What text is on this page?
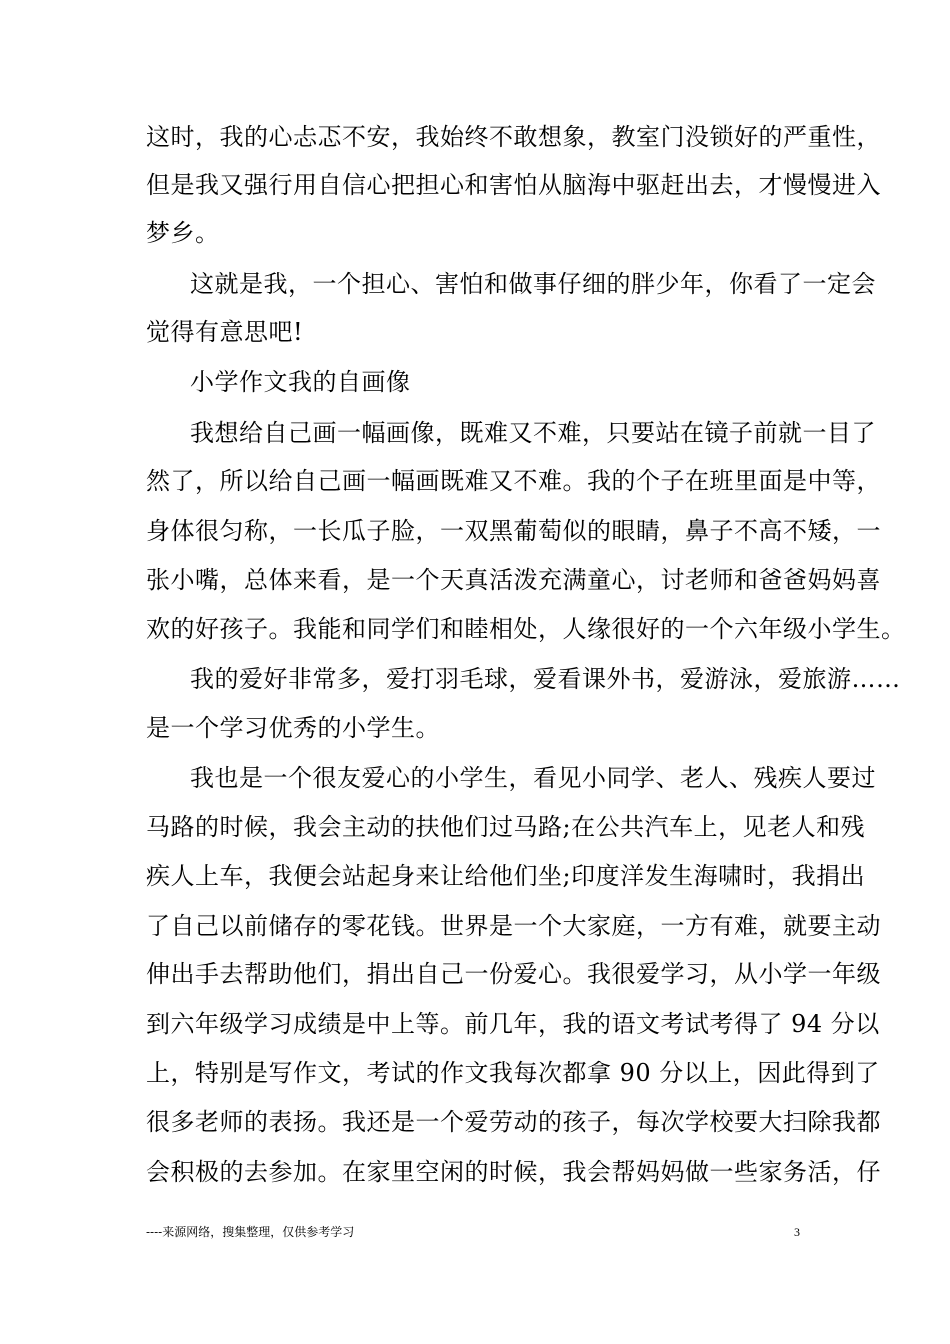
这时，我的心忐忑不安，我始终不敢想象，教室门没锁好的严重性，
但是我又强行用自信心把担心和害怕从脑海中驱赶出去，才慢慢进入
梦乡。
这就是我，一个担心、害怕和做事仔细的胖少年，你看了一定会
觉得有意思吧!
小学作文我的自画像
我想给自己画一幅画像，既难又不难，只要站在镜子前就一目了
然了，所以给自己画一幅画既难又不难。我的个子在班里面是中等，
身体很匀称，一长瓜子脸，一双黑葡萄似的眼睛，鼻子不高不矮，一
张小嘴，总体来看，是一个天真活泼充满童心，讨老师和爸爸妈妈喜
欢的好孩子。我能和同学们和睦相处，人缘很好的一个六年级小学生。
我的爱好非常多，爱打羽毛球，爱看课外书，爱游泳，爱旅游……
是一个学习优秀的小学生。
我也是一个很友爱心的小学生，看见小同学、老人、残疾人要过
马路的时候，我会主动的扶他们过马路;在公共汽车上，见老人和残
疾人上车，我便会站起身来让给他们坐;印度洋发生海啸时，我捐出
了自己以前储存的零花钱。世界是一个大家庭，一方有难，就要主动
伸出手去帮助他们，捐出自己一份爱心。我很爱学习，从小学一年级
到六年级学习成绩是中上等。前几年，我的语文考试考得了 94 分以
上，特别是写作文，考试的作文我每次都拿 90 分以上，因此得到了
很多老师的表扬。我还是一个爱劳动的孩子，每次学校要大扫除我都
会积极的去参加。在家里空闲的时候，我会帮妈妈做一些家务活，仔
----来源网络，搜集整理，仅供参考学习	3
